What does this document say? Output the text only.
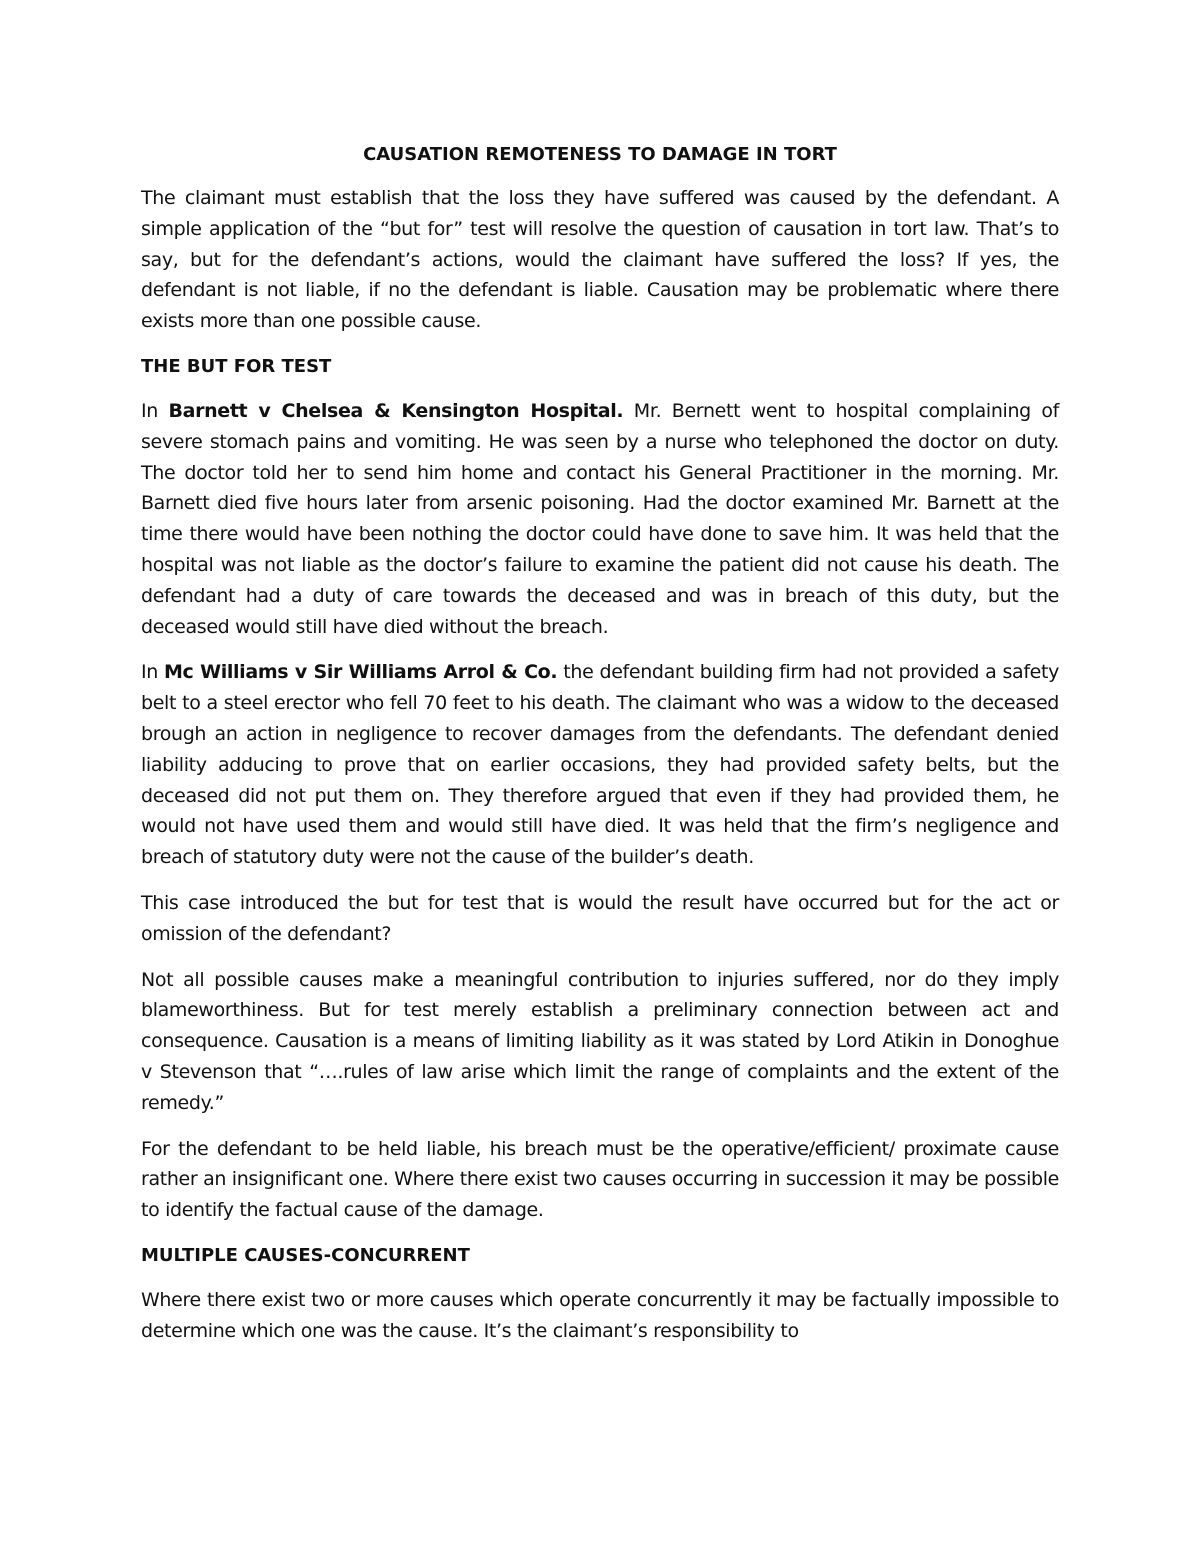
CAUSATION REMOTENESS TO DAMAGE IN TORT

The claimant must establish that the loss they have suffered was caused by the defendant. A simple application of the “but for” test will resolve the question of causation in tort law. That’s to say, but for the defendant’s actions, would the claimant have suffered the loss? If yes, the defendant is not liable, if no the defendant is liable. Causation may be problematic where there exists more than one possible cause.

THE BUT FOR TEST

In Barnett v Chelsea & Kensington Hospital. Mr. Bernett went to hospital complaining of severe stomach pains and vomiting. He was seen by a nurse who telephoned the doctor on duty. The doctor told her to send him home and contact his General Practitioner in the morning. Mr. Barnett died five hours later from arsenic poisoning. Had the doctor examined Mr. Barnett at the time there would have been nothing the doctor could have done to save him. It was held that the hospital was not liable as the doctor’s failure to examine the patient did not cause his death. The defendant had a duty of care towards the deceased and was in breach of this duty, but the deceased would still have died without the breach.

In Mc Williams v Sir Williams Arrol & Co. the defendant building firm had not provided a safety belt to a steel erector who fell 70 feet to his death. The claimant who was a widow to the deceased brough an action in negligence to recover damages from the defendants. The defendant denied liability adducing to prove that on earlier occasions, they had provided safety belts, but the deceased did not put them on. They therefore argued that even if they had provided them, he would not have used them and would still have died. It was held that the firm’s negligence and breach of statutory duty were not the cause of the builder’s death.

This case introduced the but for test that is would the result have occurred but for the act or omission of the defendant?

Not all possible causes make a meaningful contribution to injuries suffered, nor do they imply blameworthiness. But for test merely establish a preliminary connection between act and consequence. Causation is a means of limiting liability as it was stated by Lord Atikin in Donoghue v Stevenson that “….rules of law arise which limit the range of complaints and the extent of the remedy.”

For the defendant to be held liable, his breach must be the operative/efficient/ proximate cause rather an insignificant one. Where there exist two causes occurring in succession it may be possible to identify the factual cause of the damage.

MULTIPLE CAUSES-CONCURRENT

Where there exist two or more causes which operate concurrently it may be factually impossible to determine which one was the cause. It’s the claimant’s responsibility to
